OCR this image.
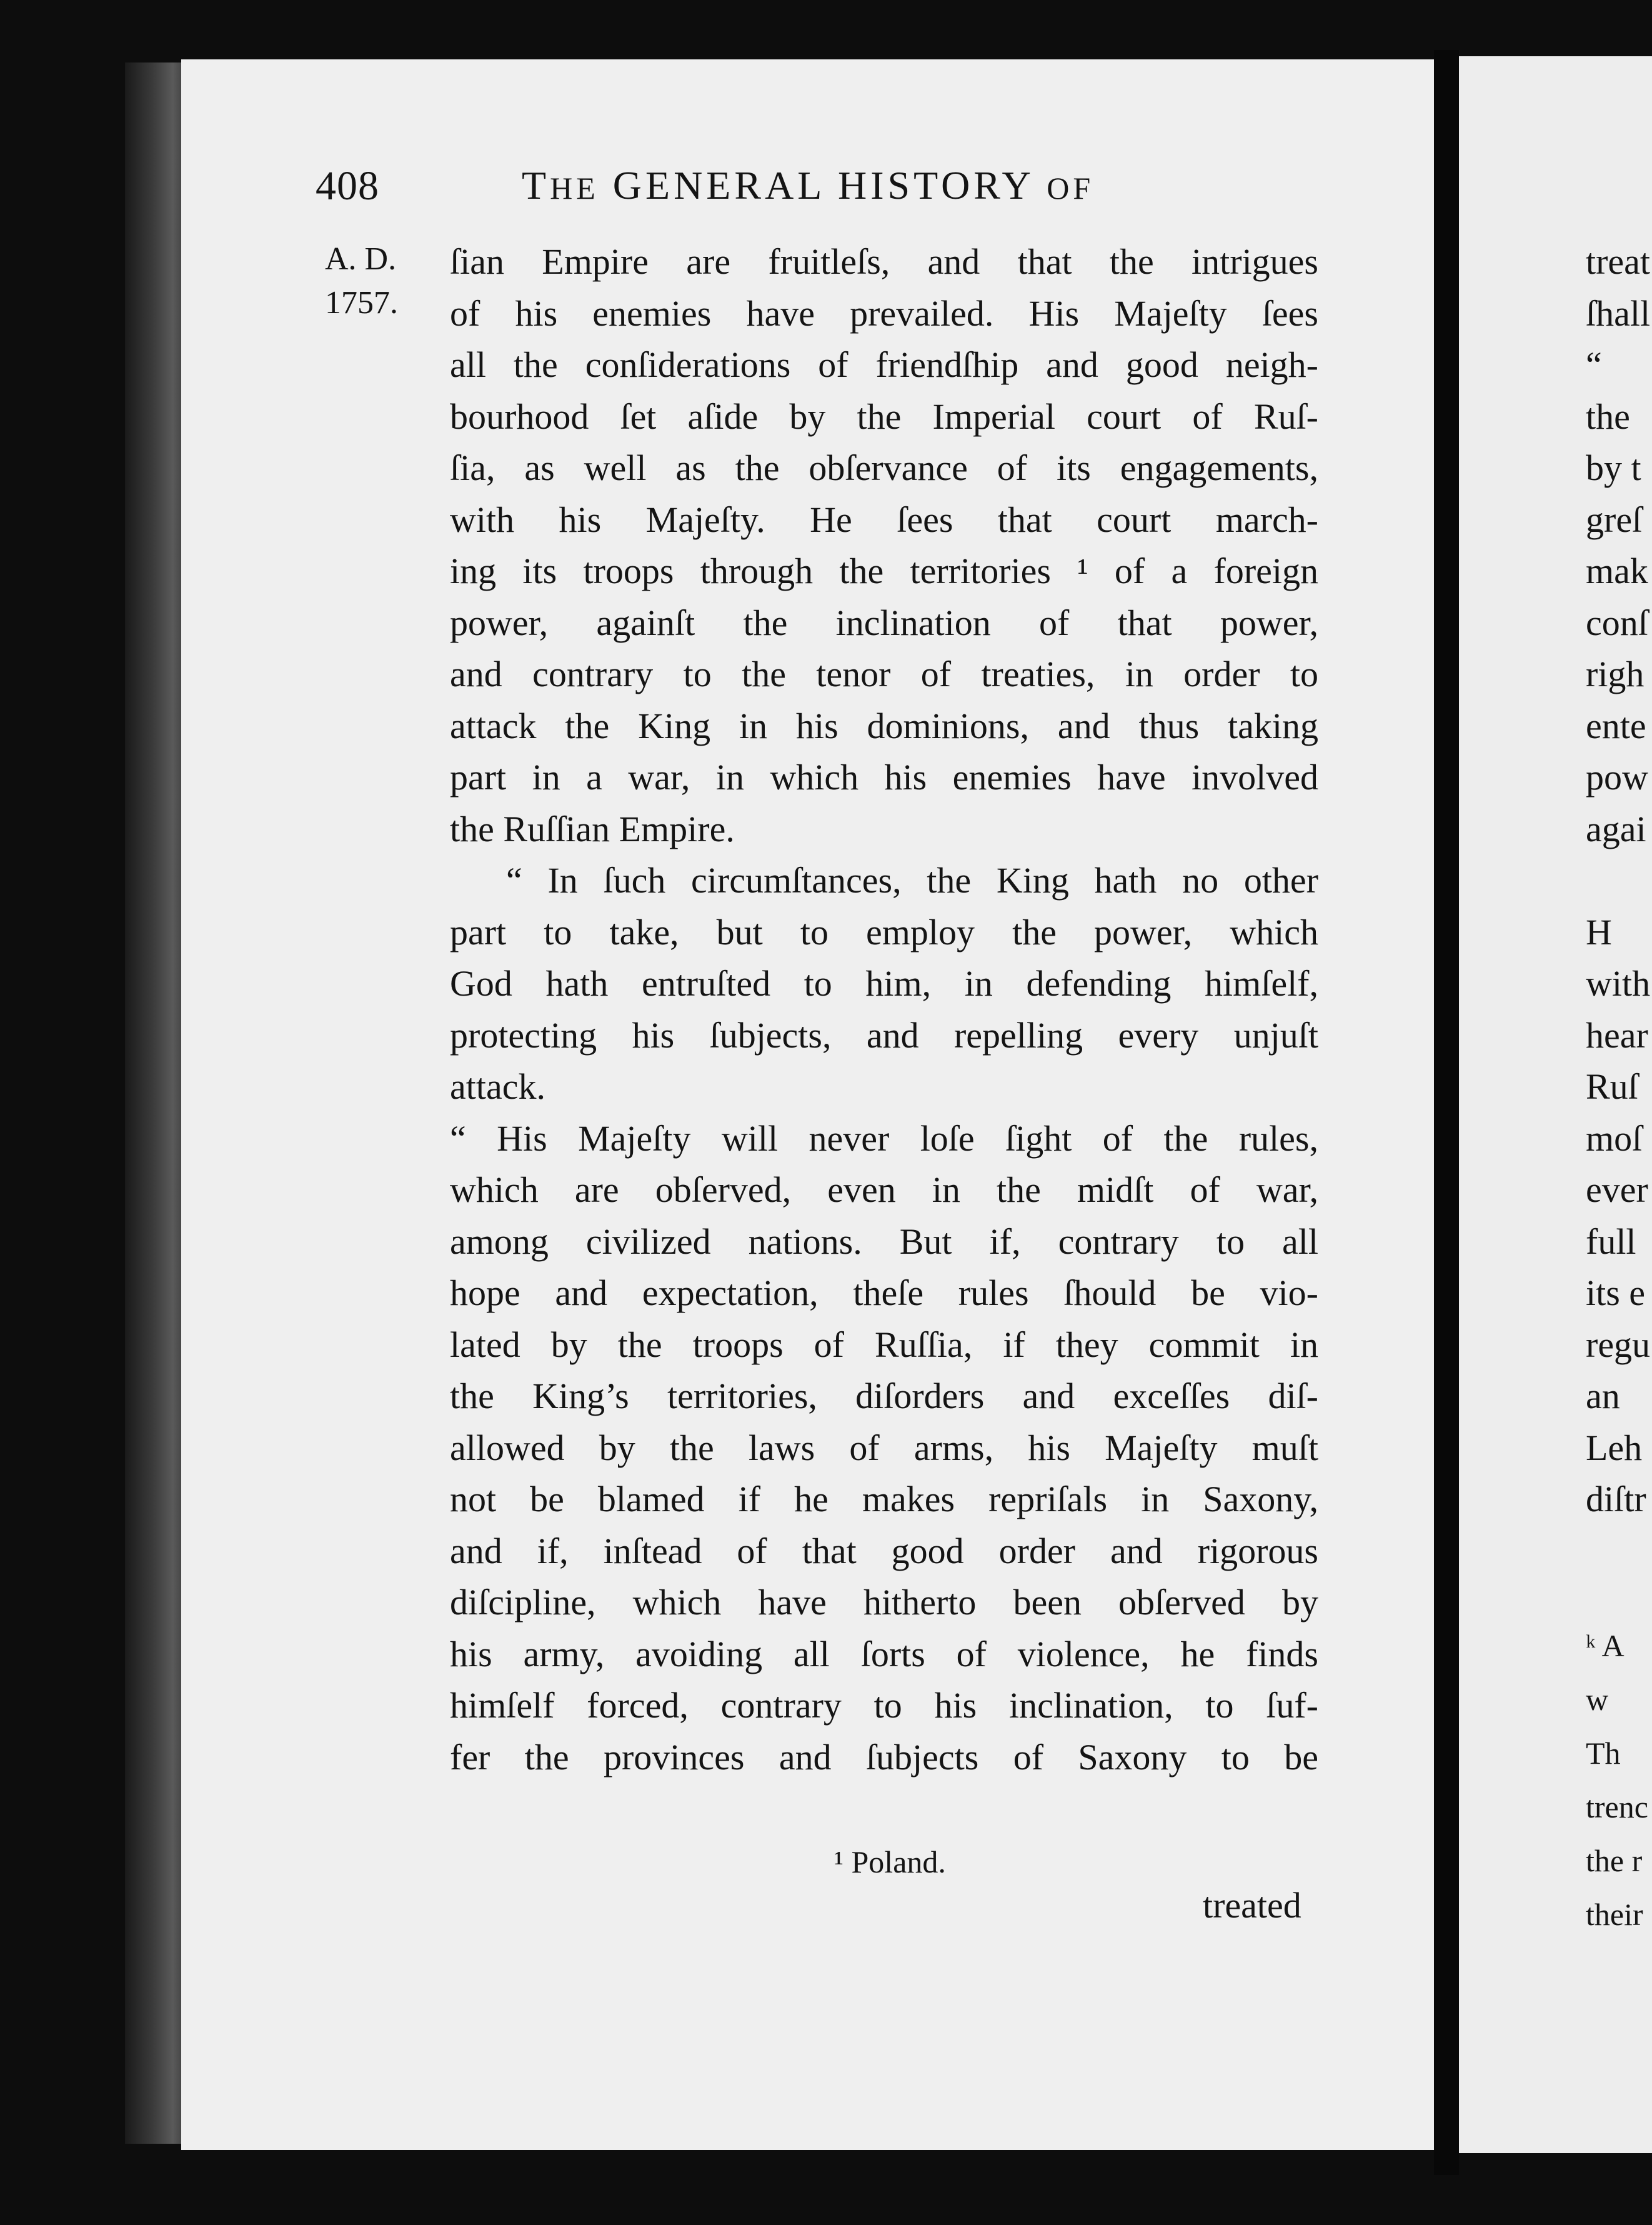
408	THE GENERAL HISTORY OF
A. D.
1757.
ſian Empire are fruitleſs, and that the intrigues
of his enemies have prevailed. His Majeſty ſees
all the conſiderations of friendſhip and good neigh-
bourhood ſet aſide by the Imperial court of Ruſ-
ſia, as well as the obſervance of its engagements,
with his Majeſty. He ſees that court march-
ing its troops through the territories ¹ of a foreign
power, againſt the inclination of that power,
and contrary to the tenor of treaties, in order to
attack the King in his dominions, and thus taking
part in a war, in which his enemies have involved
the Ruſſian Empire.
“ In ſuch circumſtances, the King hath no other
part to take, but to employ the power, which
God hath entruſted to him, in defending himſelf,
protecting his ſubjects, and repelling every unjuſt
attack.
“ His Majeſty will never loſe ſight of the rules,
which are obſerved, even in the midſt of war,
among civilized nations. But if, contrary to all
hope and expectation, theſe rules ſhould be vio-
lated by the troops of Ruſſia, if they commit in
the King’s territories, diſorders and exceſſes diſ-
allowed by the laws of arms, his Majeſty muſt
not be blamed if he makes repriſals in Saxony,
and if, inſtead of that good order and rigorous
diſcipline, which have hitherto been obſerved by
his army, avoiding all ſorts of violence, he finds
himſelf forced, contrary to his inclination, to ſuf-
fer the provinces and ſubjects of Saxony to be
¹ Poland.
treated
treat
ſhall
“
the
by t
greſ
mak
conſ
righ
ente
pow
agai
H
with
hear
Ruſ
moſ
ever
full
its e
regu
an
Leh
diſtr
ᵏ A
w
Th
trenc
the r
their
